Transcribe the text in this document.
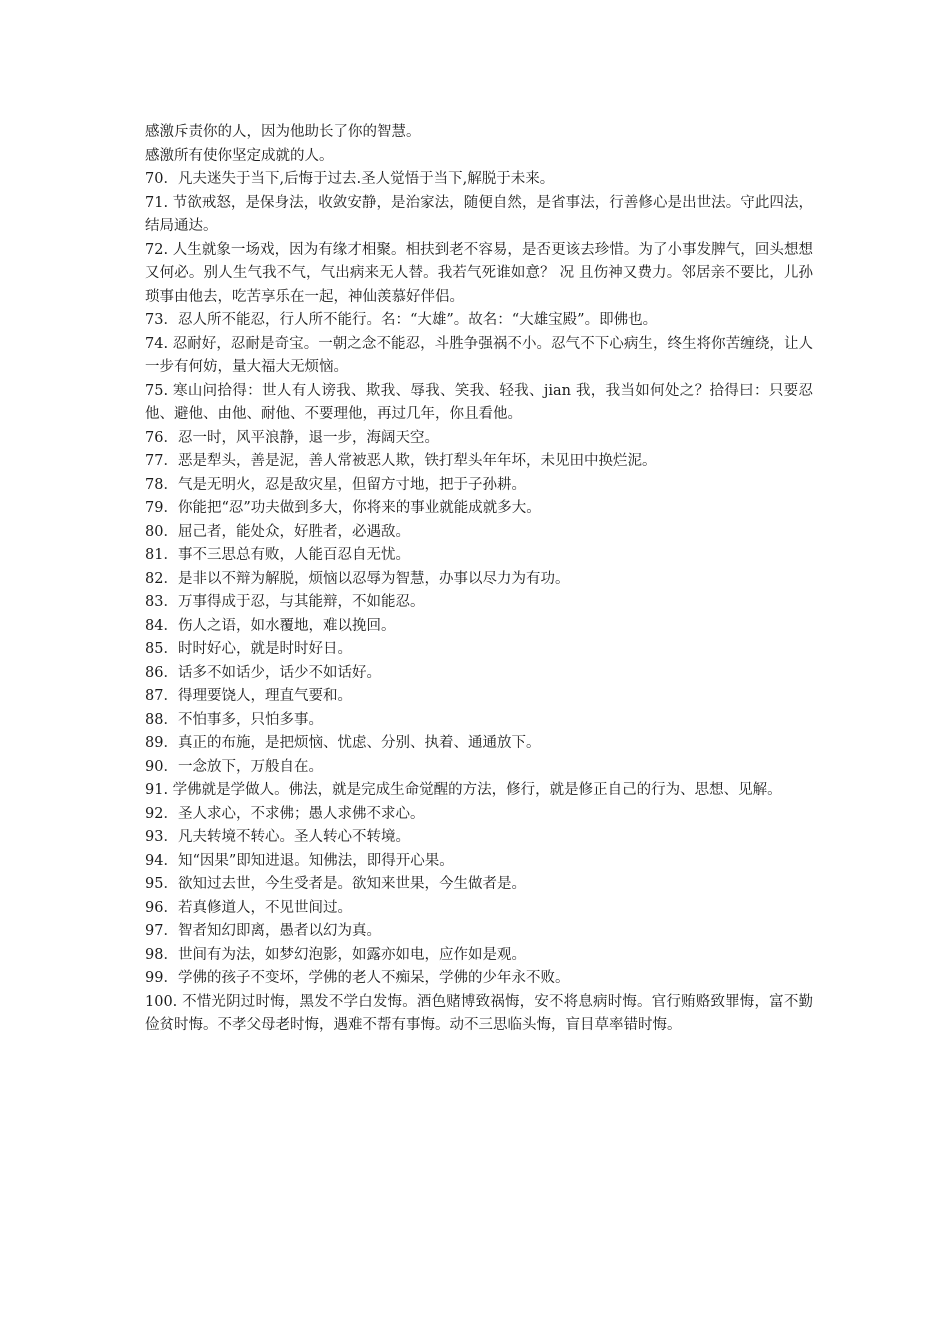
感激斥责你的人，因为他助长了你的智慧。
感激所有使你坚定成就的人。
70．凡夫迷失于当下,后悔于过去.圣人觉悟于当下,解脱于未来。
71. 节欲戒怒，是保身法，收敛安静，是治家法，随便自然，是省事法，行善修心是出世法。守此四法，结局通达。
72. 人生就象一场戏，因为有缘才相聚。相扶到老不容易，是否更该去珍惜。为了小事发脾气，回头想想又何必。别人生气我不气，气出病来无人替。我若气死谁如意？ 况 且伤神又费力。邻居亲不要比，儿孙琐事由他去，吃苦享乐在一起，神仙羡慕好伴侣。
73．忍人所不能忍，行人所不能行。名：“大雄”。故名：“大雄宝殿”。即佛也。
74. 忍耐好，忍耐是奇宝。一朝之念不能忍，斗胜争强祸不小。忍气不下心病生，终生将你苦缠绕，让人一步有何妨，量大福大无烦恼。
75. 寒山问拾得：世人有人谤我、欺我、辱我、笑我、轻我、jian 我，我当如何处之？拾得曰：只要忍他、避他、由他、耐他、不要理他，再过几年，你且看他。
76．忍一时，风平浪静，退一步，海阔天空。
77．恶是犁头，善是泥，善人常被恶人欺，铁打犁头年年坏，未见田中换烂泥。
78．气是无明火，忍是敌灾星，但留方寸地，把于子孙耕。
79．你能把“忍”功夫做到多大，你将来的事业就能成就多大。
80．屈己者，能处众，好胜者，必遇敌。
81．事不三思总有败，人能百忍自无忧。
82．是非以不辩为解脱，烦恼以忍辱为智慧，办事以尽力为有功。
83．万事得成于忍，与其能辩，不如能忍。
84．伤人之语，如水覆地，难以挽回。
85．时时好心，就是时时好日。
86．话多不如话少，话少不如话好。
87．得理要饶人，理直气要和。
88．不怕事多，只怕多事。
89．真正的布施，是把烦恼、忧虑、分别、执着、通通放下。
90．一念放下，万般自在。
91. 学佛就是学做人。佛法，就是完成生命觉醒的方法，修行，就是修正自己的行为、思想、见解。
92．圣人求心，不求佛；愚人求佛不求心。
93．凡夫转境不转心。圣人转心不转境。
94．知“因果”即知进退。知佛法，即得开心果。
95．欲知过去世，今生受者是。欲知来世果，今生做者是。
96．若真修道人，不见世间过。
97．智者知幻即离，愚者以幻为真。
98．世间有为法，如梦幻泡影，如露亦如电，应作如是观。
99．学佛的孩子不变坏，学佛的老人不痴呆，学佛的少年永不败。
100. 不惜光阴过时悔，黑发不学白发悔。酒色赌博致祸悔，安不将息病时悔。官行贿赂致罪悔，富不勤俭贫时悔。不孝父母老时悔，遇难不帮有事悔。动不三思临头悔，盲目草率错时悔。
